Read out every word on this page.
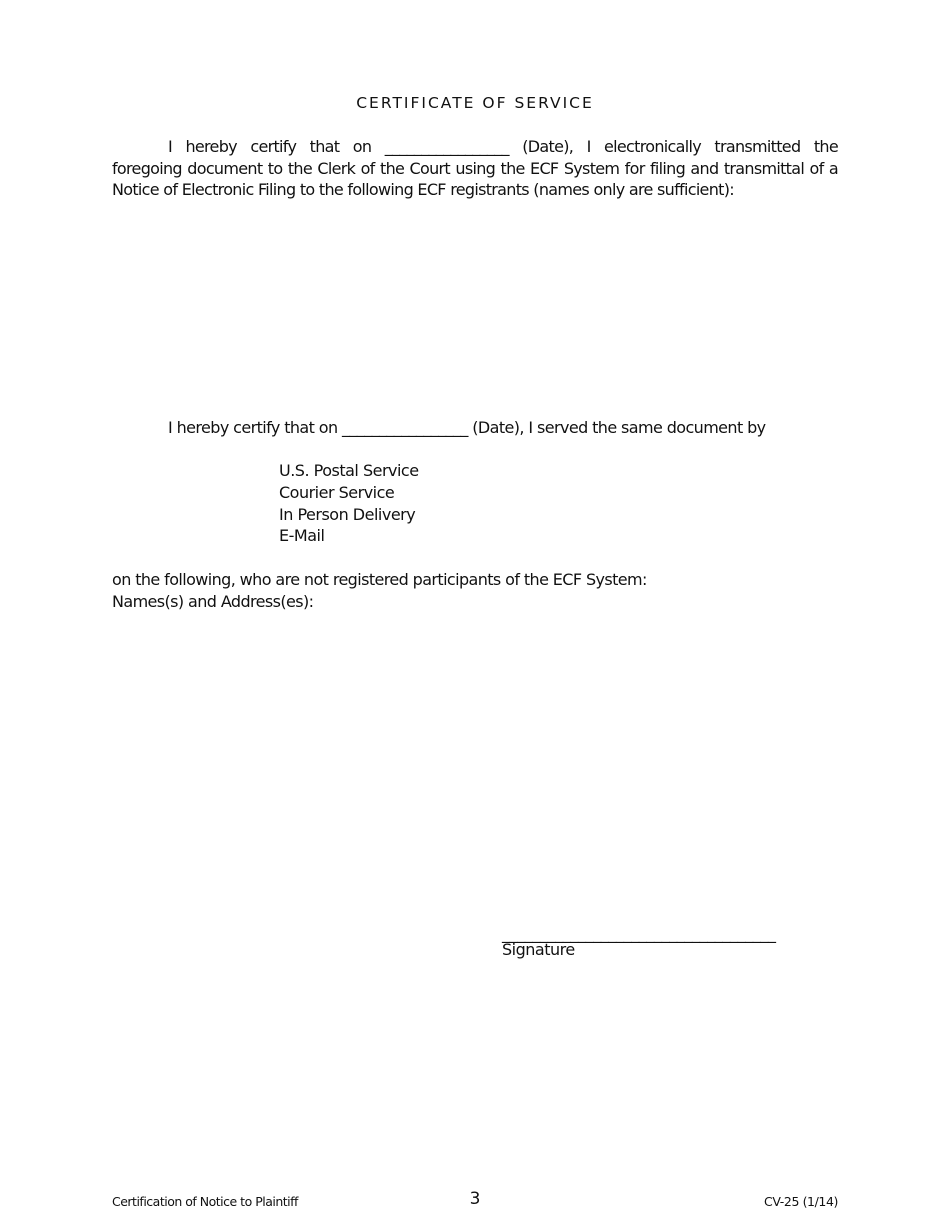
CERTIFICATE OF SERVICE
I hereby certify that on _________________ (Date), I electronically transmitted the
foregoing document to the Clerk of the Court using the ECF System for filing and transmittal of a
Notice of Electronic Filing to the following ECF registrants (names only are sufficient):
I hereby certify that on _________________ (Date), I served the same document by
U.S. Postal Service
Courier Service
In Person Delivery
E-Mail
on the following, who are not registered participants of the ECF System:
Names(s) and Address(es):
____________________________________
Signature
Certification of Notice to Plaintiff	3	CV-25 (1/14)
